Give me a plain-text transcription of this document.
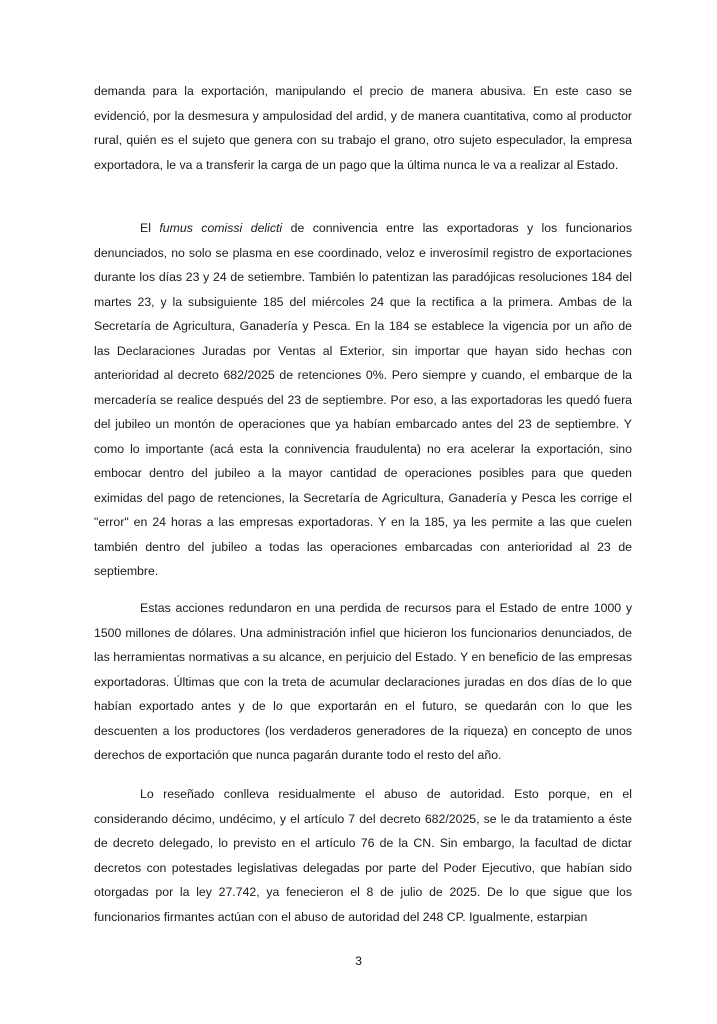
demanda para la exportación, manipulando el precio de manera abusiva. En este caso se evidenció, por la desmesura y ampulosidad del ardid, y de manera cuantitativa, como al productor rural, quién es el sujeto que genera con su trabajo el grano, otro sujeto especulador, la empresa exportadora, le va a transferir la carga de un pago que la última nunca le va a realizar al Estado.

El fumus comissi delicti de connivencia entre las exportadoras y los funcionarios denunciados, no solo se plasma en ese coordinado, veloz e inverosímil registro de exportaciones durante los días 23 y 24 de setiembre. También lo patentizan las paradójicas resoluciones 184 del martes 23, y la subsiguiente 185 del miércoles 24 que la rectifica a la primera. Ambas de la Secretaría de Agricultura, Ganadería y Pesca. En la 184 se establece la vigencia por un año de las Declaraciones Juradas por Ventas al Exterior, sin importar que hayan sido hechas con anterioridad al decreto 682/2025 de retenciones 0%. Pero siempre y cuando, el embarque de la mercadería se realice después del 23 de septiembre. Por eso, a las exportadoras les quedó fuera del jubileo un montón de operaciones que ya habían embarcado antes del 23 de septiembre. Y como lo importante (acá esta la connivencia fraudulenta) no era acelerar la exportación, sino embocar dentro del jubileo a la mayor cantidad de operaciones posibles para que queden eximidas del pago de retenciones, la Secretaría de Agricultura, Ganadería y Pesca les corrige el "error" en 24 horas a las empresas exportadoras. Y en la 185, ya les permite a las que cuelen también dentro del jubileo a todas las operaciones embarcadas con anterioridad al 23 de septiembre.

Estas acciones redundaron en una perdida de recursos para el Estado de entre 1000 y 1500 millones de dólares. Una administración infiel que hicieron los funcionarios denunciados, de las herramientas normativas a su alcance, en perjuicio del Estado. Y en beneficio de las empresas exportadoras. Últimas que con la treta de acumular declaraciones juradas en dos días de lo que habían exportado antes y de lo que exportarán en el futuro, se quedarán con lo que les descuenten a los productores (los verdaderos generadores de la riqueza) en concepto de unos derechos de exportación que nunca pagarán durante todo el resto del año.

Lo reseñado conlleva residualmente el abuso de autoridad. Esto porque, en el considerando décimo, undécimo, y el artículo 7 del decreto 682/2025, se le da tratamiento a éste de decreto delegado, lo previsto en el artículo 76 de la CN. Sin embargo, la facultad de dictar decretos con potestades legislativas delegadas por parte del Poder Ejecutivo, que habían sido otorgadas por la ley 27.742, ya fenecieron el 8 de julio de 2025. De lo que sigue que los funcionarios firmantes actúan con el abuso de autoridad del 248 CP. Igualmente, estarpian

3
